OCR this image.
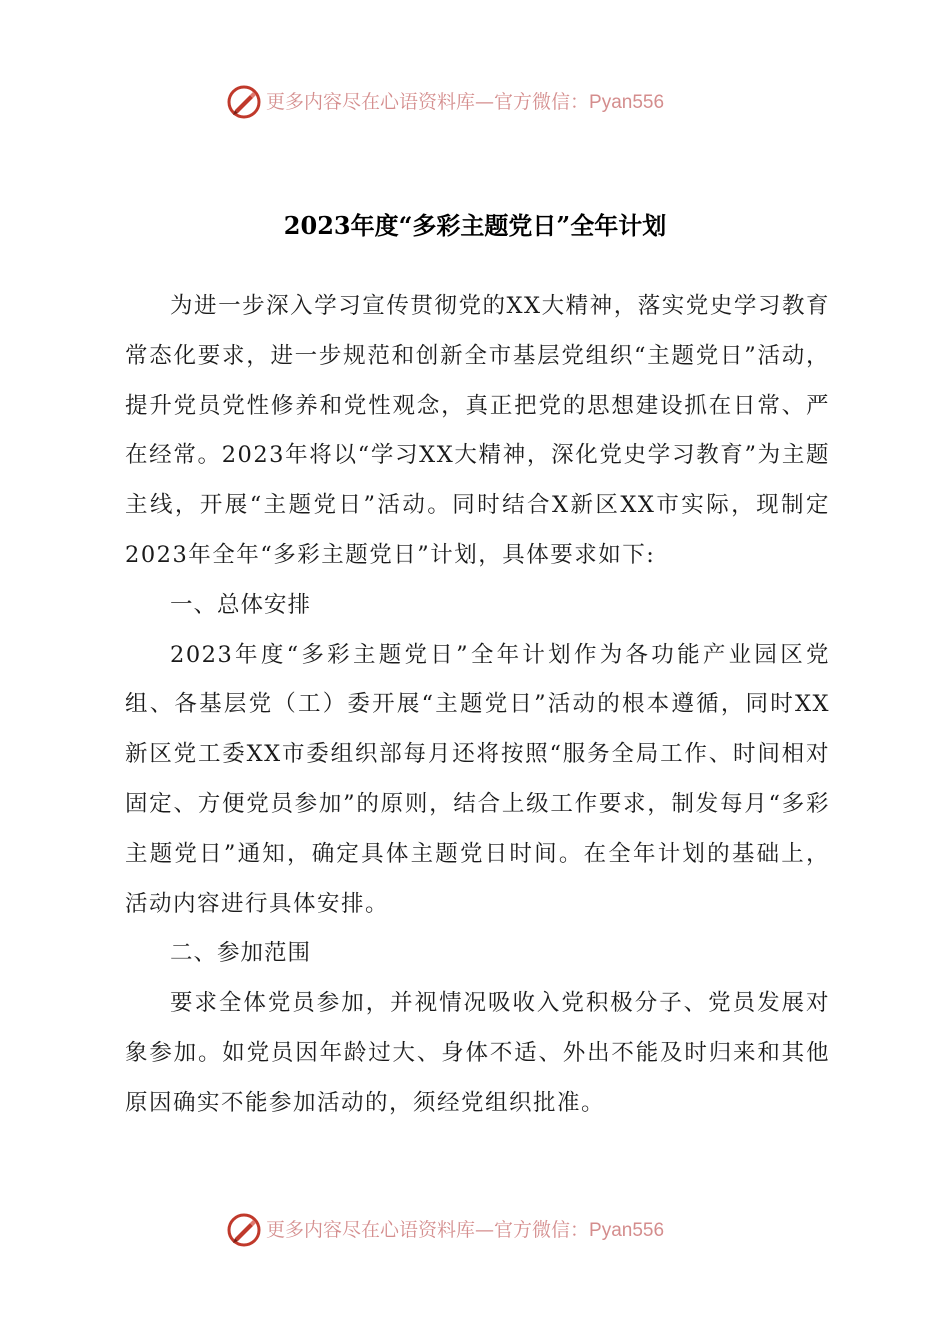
更多内容尽在心语资料库—官方微信：Pyan556
2023年度“多彩主题党日”全年计划

为进一步深入学习宣传贯彻党的XX大精神，落实党史学习教育常态化要求，进一步规范和创新全市基层党组织“主题党日”活动，提升党员党性修养和党性观念，真正把党的思想建设抓在日常、严在经常。2023年将以“学习XX大精神，深化党史学习教育”为主题主线，开展“主题党日”活动。同时结合X新区XX市实际，现制定2023年全年“多彩主题党日”计划，具体要求如下:

一、总体安排

2023年度“多彩主题党日”全年计划作为各功能产业园区党组、各基层党（工）委开展“主题党日”活动的根本遵循，同时XX新区党工委XX市委组织部每月还将按照“服务全局工作、时间相对固定、方便党员参加”的原则，结合上级工作要求，制发每月“多彩主题党日”通知，确定具体主题党日时间。在全年计划的基础上，活动内容进行具体安排。

二、参加范围

要求全体党员参加，并视情况吸收入党积极分子、党员发展对象参加。如党员因年龄过大、身体不适、外出不能及时归来和其他原因确实不能参加活动的，须经党组织批准。

更多内容尽在心语资料库—官方微信：Pyan556
